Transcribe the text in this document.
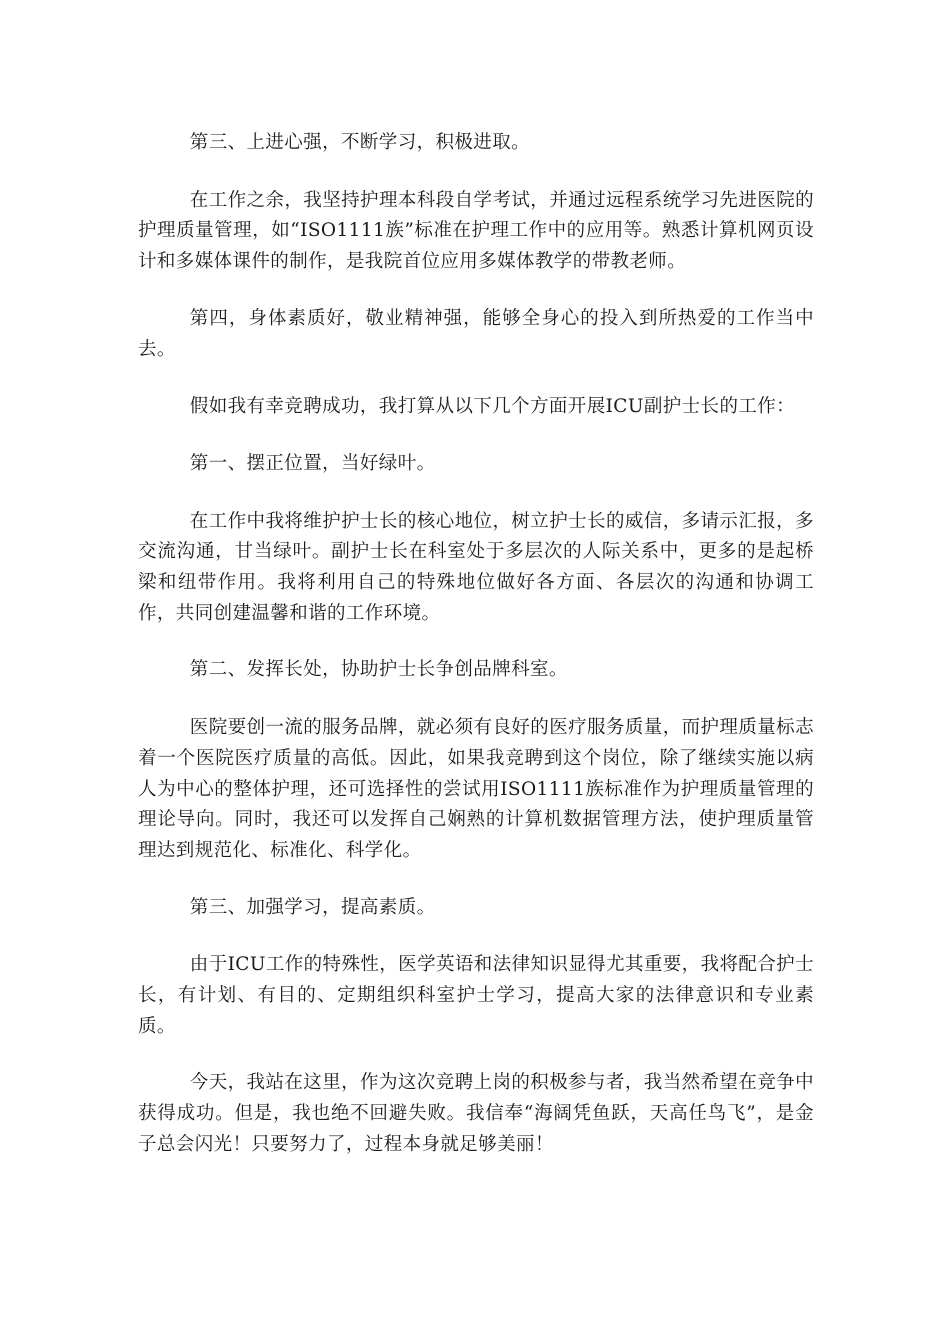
第三、上进心强，不断学习，积极进取。

在工作之余，我坚持护理本科段自学考试，并通过远程系统学习先进医院的护理质量管理，如“ISO1111族”标准在护理工作中的应用等。熟悉计算机网页设计和多媒体课件的制作，是我院首位应用多媒体教学的带教老师。

第四，身体素质好，敬业精神强，能够全身心的投入到所热爱的工作当中去。

假如我有幸竞聘成功，我打算从以下几个方面开展ICU副护士长的工作：

第一、摆正位置，当好绿叶。

在工作中我将维护护士长的核心地位，树立护士长的威信，多请示汇报，多交流沟通，甘当绿叶。副护士长在科室处于多层次的人际关系中，更多的是起桥梁和纽带作用。我将利用自己的特殊地位做好各方面、各层次的沟通和协调工作，共同创建温馨和谐的工作环境。

第二、发挥长处，协助护士长争创品牌科室。

医院要创一流的服务品牌，就必须有良好的医疗服务质量，而护理质量标志着一个医院医疗质量的高低。因此，如果我竞聘到这个岗位，除了继续实施以病人为中心的整体护理，还可选择性的尝试用ISO1111族标准作为护理质量管理的理论导向。同时，我还可以发挥自己娴熟的计算机数据管理方法，使护理质量管理达到规范化、标准化、科学化。

第三、加强学习，提高素质。

由于ICU工作的特殊性，医学英语和法律知识显得尤其重要，我将配合护士长，有计划、有目的、定期组织科室护士学习，提高大家的法律意识和专业素质。

今天，我站在这里，作为这次竞聘上岗的积极参与者，我当然希望在竞争中获得成功。但是，我也绝不回避失败。我信奉“海阔凭鱼跃，天高任鸟飞”，是金子总会闪光！只要努力了，过程本身就足够美丽！
